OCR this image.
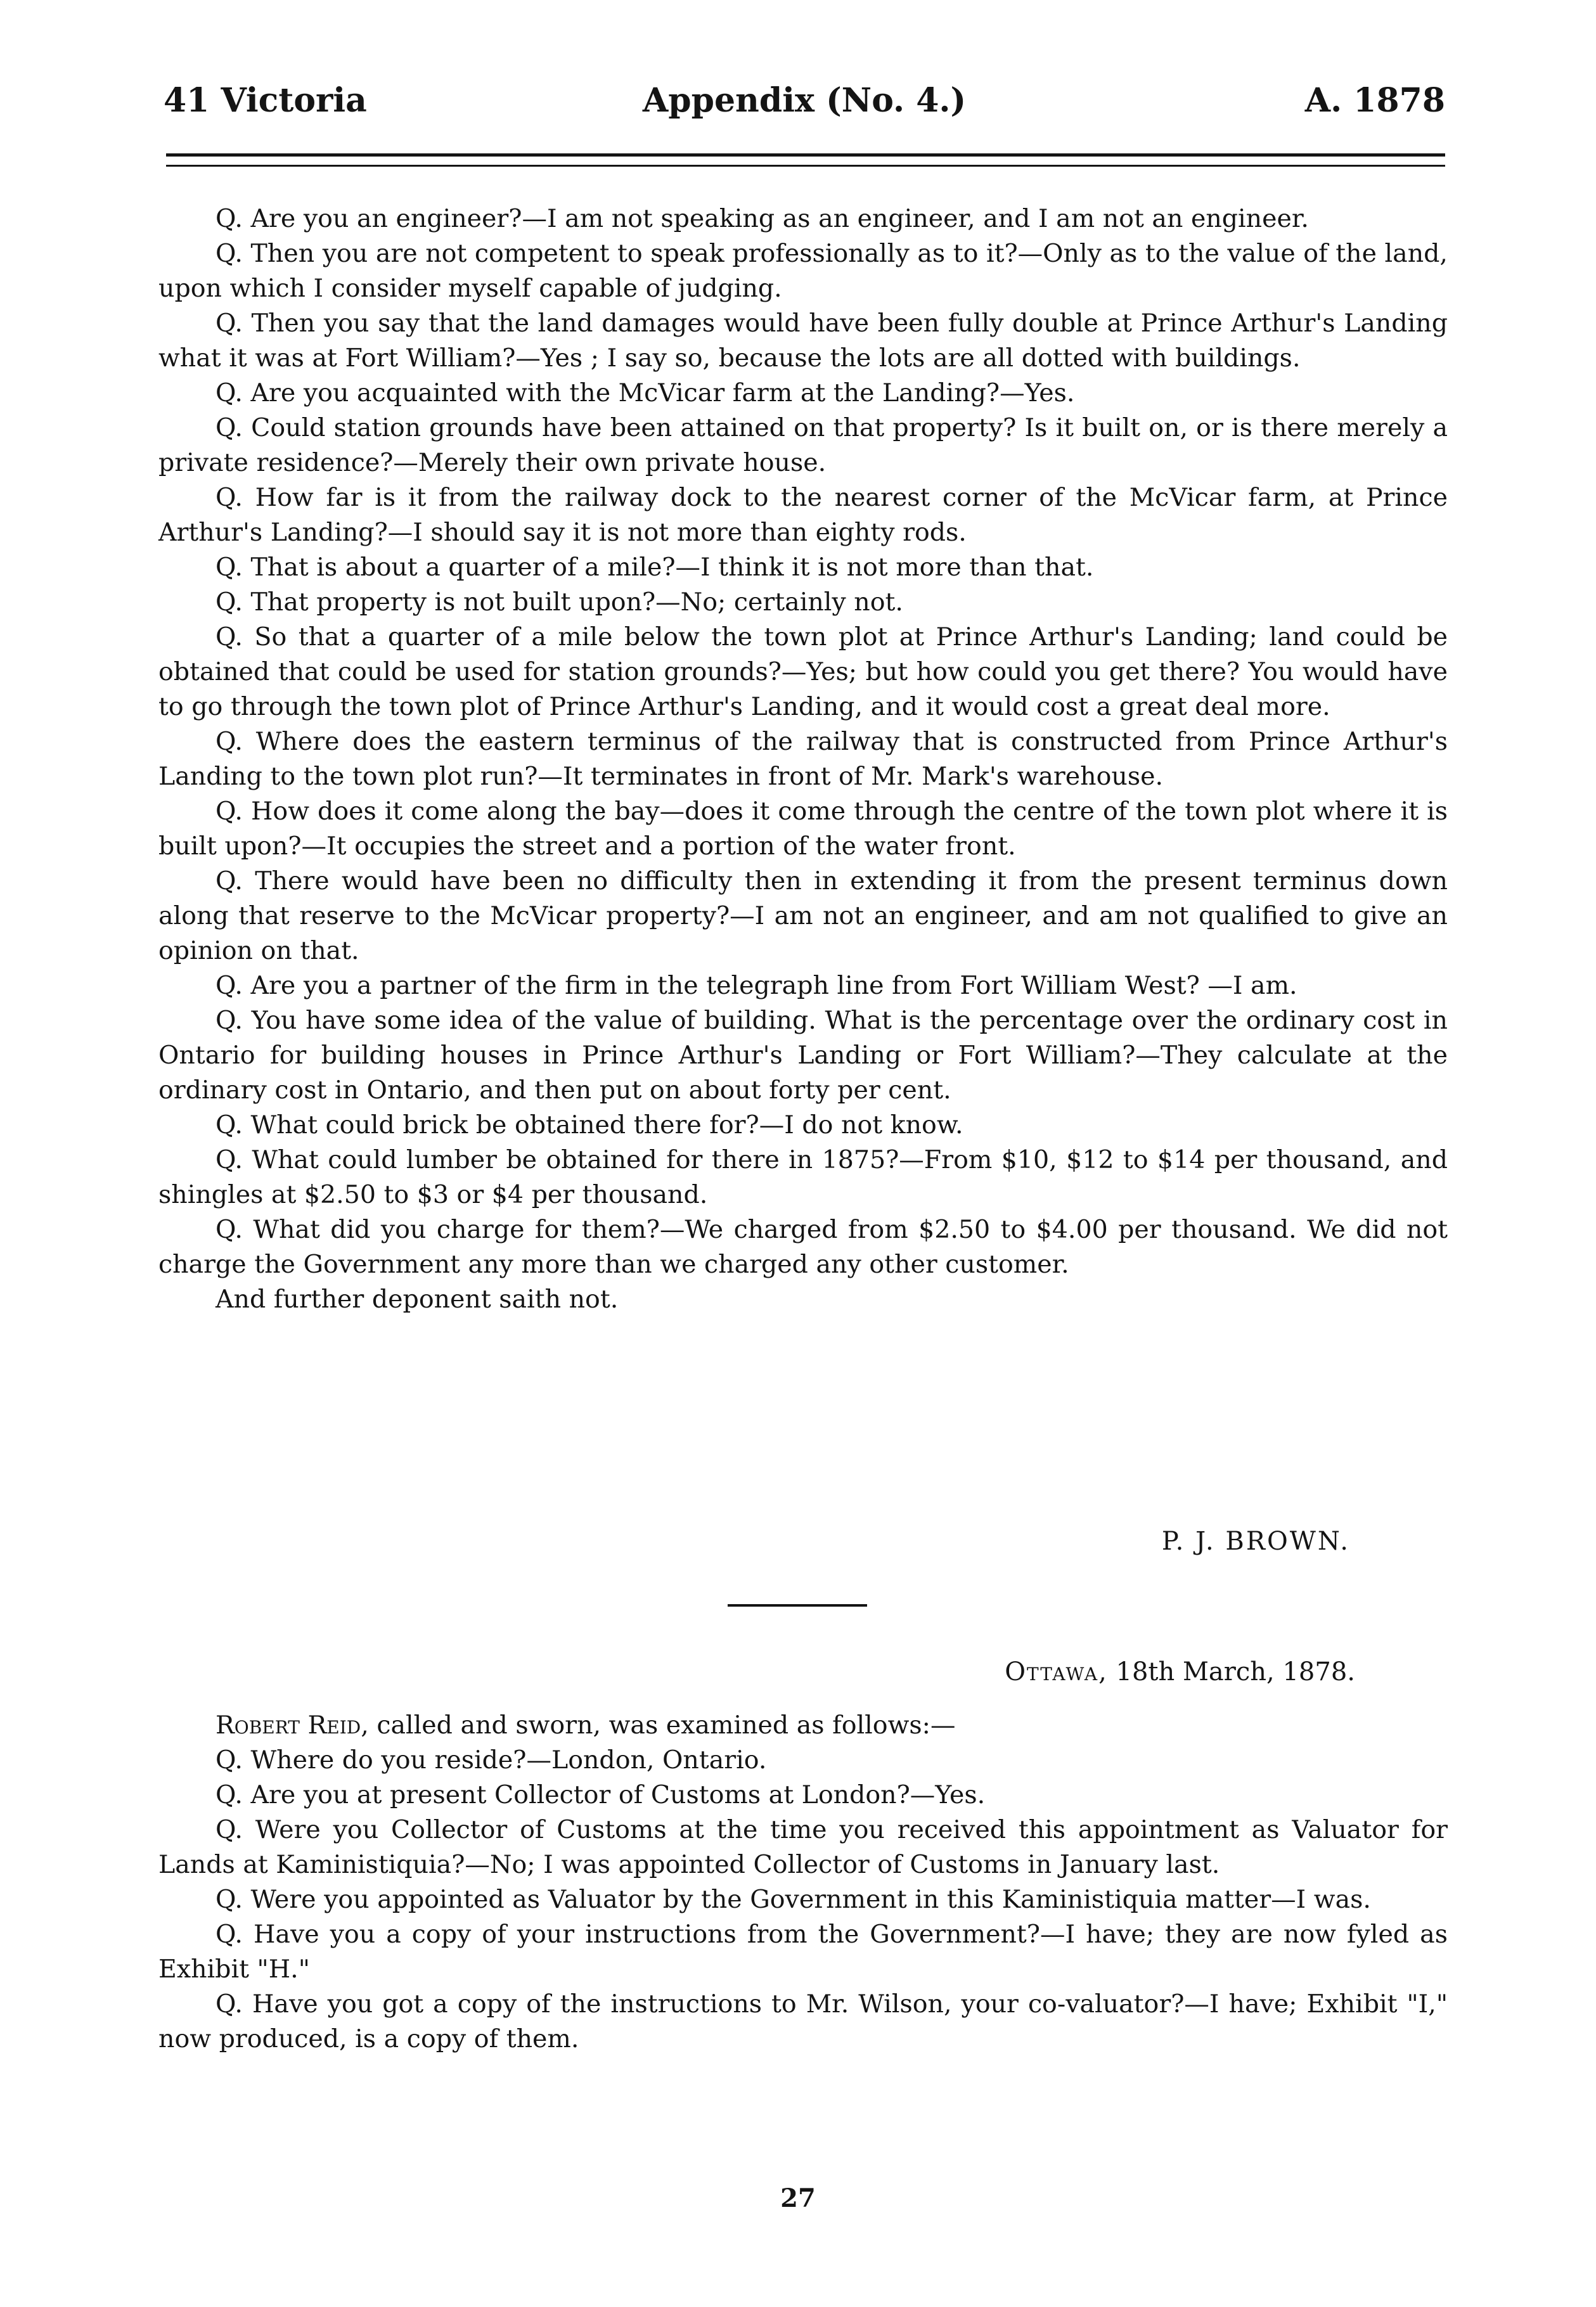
41 Victoria	Appendix (No. 4.)	A. 1878

Q. Are you an engineer?—I am not speaking as an engineer, and I am not an engineer.

Q. Then you are not competent to speak professionally as to it?—Only as to the value of the land, upon which I consider myself capable of judging.

Q. Then you say that the land damages would have been fully double at Prince Arthur's Landing what it was at Fort William?—Yes ; I say so, because the lots are all dotted with buildings.

Q. Are you acquainted with the McVicar farm at the Landing?—Yes.

Q. Could station grounds have been attained on that property? Is it built on, or is there merely a private residence?—Merely their own private house.

Q. How far is it from the railway dock to the nearest corner of the McVicar farm, at Prince Arthur's Landing?—I should say it is not more than eighty rods.

Q. That is about a quarter of a mile?—I think it is not more than that.

Q. That property is not built upon?—No; certainly not.

Q. So that a quarter of a mile below the town plot at Prince Arthur's Landing; land could be obtained that could be used for station grounds?—Yes; but how could you get there? You would have to go through the town plot of Prince Arthur's Landing, and it would cost a great deal more.

Q. Where does the eastern terminus of the railway that is constructed from Prince Arthur's Landing to the town plot run?—It terminates in front of Mr. Mark's warehouse.

Q. How does it come along the bay—does it come through the centre of the town plot where it is built upon?—It occupies the street and a portion of the water front.

Q. There would have been no difficulty then in extending it from the present terminus down along that reserve to the McVicar property?—I am not an engineer, and am not qualified to give an opinion on that.

Q. Are you a partner of the firm in the telegraph line from Fort William West? —I am.

Q. You have some idea of the value of building. What is the percentage over the ordinary cost in Ontario for building houses in Prince Arthur's Landing or Fort William?—They calculate at the ordinary cost in Ontario, and then put on about forty per cent.

Q. What could brick be obtained there for?—I do not know.

Q. What could lumber be obtained for there in 1875?—From $10, $12 to $14 per thousand, and shingles at $2.50 to $3 or $4 per thousand.

Q. What did you charge for them?—We charged from $2.50 to $4.00 per thousand. We did not charge the Government any more than we charged any other customer.

And further deponent saith not.

P. J. BROWN.
Ottawa, 18th March, 1878.

Robert Reid, called and sworn, was examined as follows:—

Q. Where do you reside?—London, Ontario.

Q. Are you at present Collector of Customs at London?—Yes.

Q. Were you Collector of Customs at the time you received this appointment as Valuator for Lands at Kaministiquia?—No; I was appointed Collector of Customs in January last.

Q. Were you appointed as Valuator by the Government in this Kaministiquia matter—I was.

Q. Have you a copy of your instructions from the Government?—I have; they are now fyled as Exhibit "H."

Q. Have you got a copy of the instructions to Mr. Wilson, your co-valuator?—I have; Exhibit "I," now produced, is a copy of them.

27
